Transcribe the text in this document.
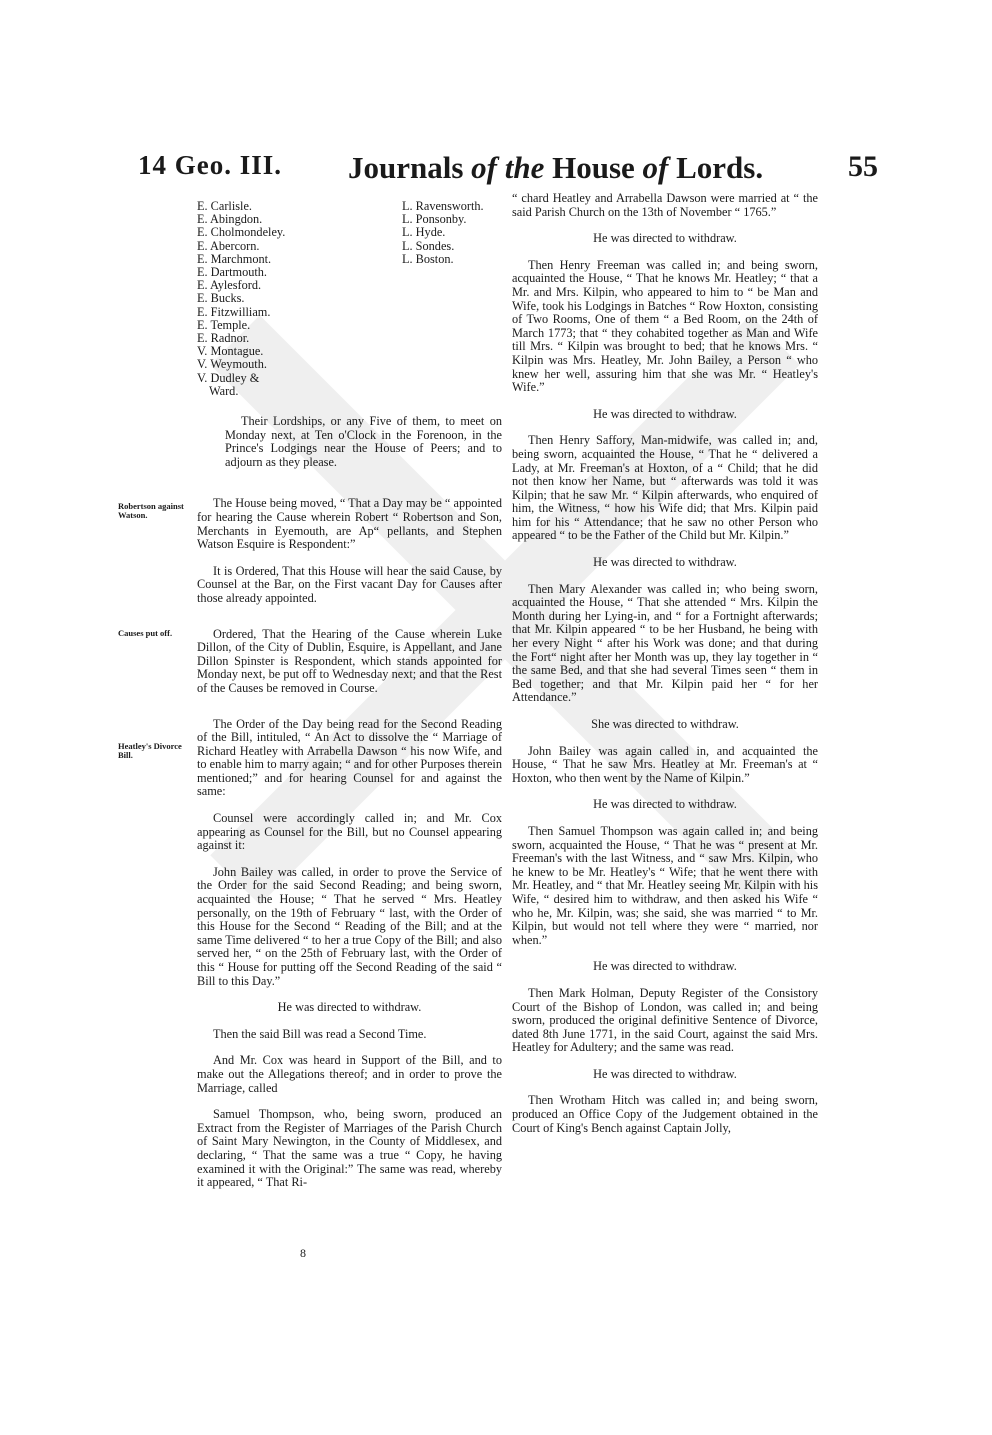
14 Geo. III. Journals of the House of Lords.	55
E. Carlisle.
E. Abingdon.
E. Cholmondeley.
E. Abercorn.
E. Marchmont.
E. Dartmouth.
E. Aylesford.
E. Bucks.
E. Fitzwilliam.
E. Temple.
E. Radnor.
V. Montague.
V. Weymouth.
V. Dudley &
Ward.
L. Ravensworth.
L. Ponsonby.
L. Hyde.
L. Sondes.
L. Boston.
Robertson against Watson.
Causes put off.
Heatley's Divorce Bill.

Their Lordships, or any Five of them, to meet on Monday next, at Ten o'Clock in the Forenoon, in the Prince's Lodgings near the House of Peers; and to adjourn as they please.

The House being moved, “ That a Day may be “ appointed for hearing the Cause wherein Robert “ Robertson and Son, Merchants in Eyemouth, are Ap“ pellants, and Stephen Watson Esquire is Respondent:”

It is Ordered, That this House will hear the said Cause, by Counsel at the Bar, on the First vacant Day for Causes after those already appointed.

Ordered, That the Hearing of the Cause wherein Luke Dillon, of the City of Dublin, Esquire, is Appellant, and Jane Dillon Spinster is Respondent, which stands appointed for Monday next, be put off to Wednesday next; and that the Rest of the Causes be removed in Course.

The Order of the Day being read for the Second Reading of the Bill, intituled, “ An Act to dissolve the “ Marriage of Richard Heatley with Arrabella Dawson “ his now Wife, and to enable him to marry again; “ and for other Purposes therein mentioned;” and for hearing Counsel for and against the same:

Counsel were accordingly called in; and Mr. Cox appearing as Counsel for the Bill, but no Counsel appearing against it:

John Bailey was called, in order to prove the Service of the Order for the said Second Reading; and being sworn, acquainted the House; “ That he served “ Mrs. Heatley personally, on the 19th of February “ last, with the Order of this House for the Second “ Reading of the Bill; and at the same Time delivered “ to her a true Copy of the Bill; and also served her, “ on the 25th of February last, with the Order of this “ House for putting off the Second Reading of the said “ Bill to this Day.”

He was directed to withdraw.

Then the said Bill was read a Second Time.

And Mr. Cox was heard in Support of the Bill, and to make out the Allegations thereof; and in order to prove the Marriage, called

Samuel Thompson, who, being sworn, produced an Extract from the Register of Marriages of the Parish Church of Saint Mary Newington, in the County of Middlesex, and declaring, “ That the same was a true “ Copy, he having examined it with the Original:” The same was read, whereby it appeared, “ That Ri-

“ chard Heatley and Arrabella Dawson were married at “ the said Parish Church on the 13th of November “ 1765.”

He was directed to withdraw.

Then Henry Freeman was called in; and being sworn, acquainted the House, “ That he knows Mr. Heatley; “ that a Mr. and Mrs. Kilpin, who appeared to him to “ be Man and Wife, took his Lodgings in Batches “ Row Hoxton, consisting of Two Rooms, One of them “ a Bed Room, on the 24th of March 1773; that “ they cohabited together as Man and Wife till Mrs. “ Kilpin was brought to bed; that he knows Mrs. “ Kilpin was Mrs. Heatley, Mr. John Bailey, a Person “ who knew her well, assuring him that she was Mr. “ Heatley's Wife.”

He was directed to withdraw.

Then Henry Saffory, Man-midwife, was called in; and, being sworn, acquainted the House, “ That he “ delivered a Lady, at Mr. Freeman's at Hoxton, of a “ Child; that he did not then know her Name, but “ afterwards was told it was Kilpin; that he saw Mr. “ Kilpin afterwards, who enquired of him, the Witness, “ how his Wife did; that Mrs. Kilpin paid him for his “ Attendance; that he saw no other Person who appeared “ to be the Father of the Child but Mr. Kilpin.”

He was directed to withdraw.

Then Mary Alexander was called in; who being sworn, acquainted the House, “ That she attended “ Mrs. Kilpin the Month during her Lying-in, and “ for a Fortnight afterwards; that Mr. Kilpin appeared “ to be her Husband, he being with her every Night “ after his Work was done; and that during the Fort“ night after her Month was up, they lay together in “ the same Bed, and that she had several Times seen “ them in Bed together; and that Mr. Kilpin paid her “ for her Attendance.”

She was directed to withdraw.

John Bailey was again called in, and acquainted the House, “ That he saw Mrs. Heatley at Mr. Freeman's at “ Hoxton, who then went by the Name of Kilpin.”

He was directed to withdraw.

Then Samuel Thompson was again called in; and being sworn, acquainted the House, “ That he was “ present at Mr. Freeman's with the last Witness, and “ saw Mrs. Kilpin, who he knew to be Mr. Heatley's “ Wife; that he went there with Mr. Heatley, and “ that Mr. Heatley seeing Mr. Kilpin with his Wife, “ desired him to withdraw, and then asked his Wife “ who he, Mr. Kilpin, was; she said, she was married “ to Mr. Kilpin, but would not tell where they were “ married, nor when.”

He was directed to withdraw.

Then Mark Holman, Deputy Register of the Consistory Court of the Bishop of London, was called in; and being sworn, produced the original definitive Sentence of Divorce, dated 8th June 1771, in the said Court, against the said Mrs. Heatley for Adultery; and the same was read.

He was directed to withdraw.

Then Wrotham Hitch was called in; and being sworn, produced an Office Copy of the Judgement obtained in the Court of King's Bench against Captain Jolly,

8
